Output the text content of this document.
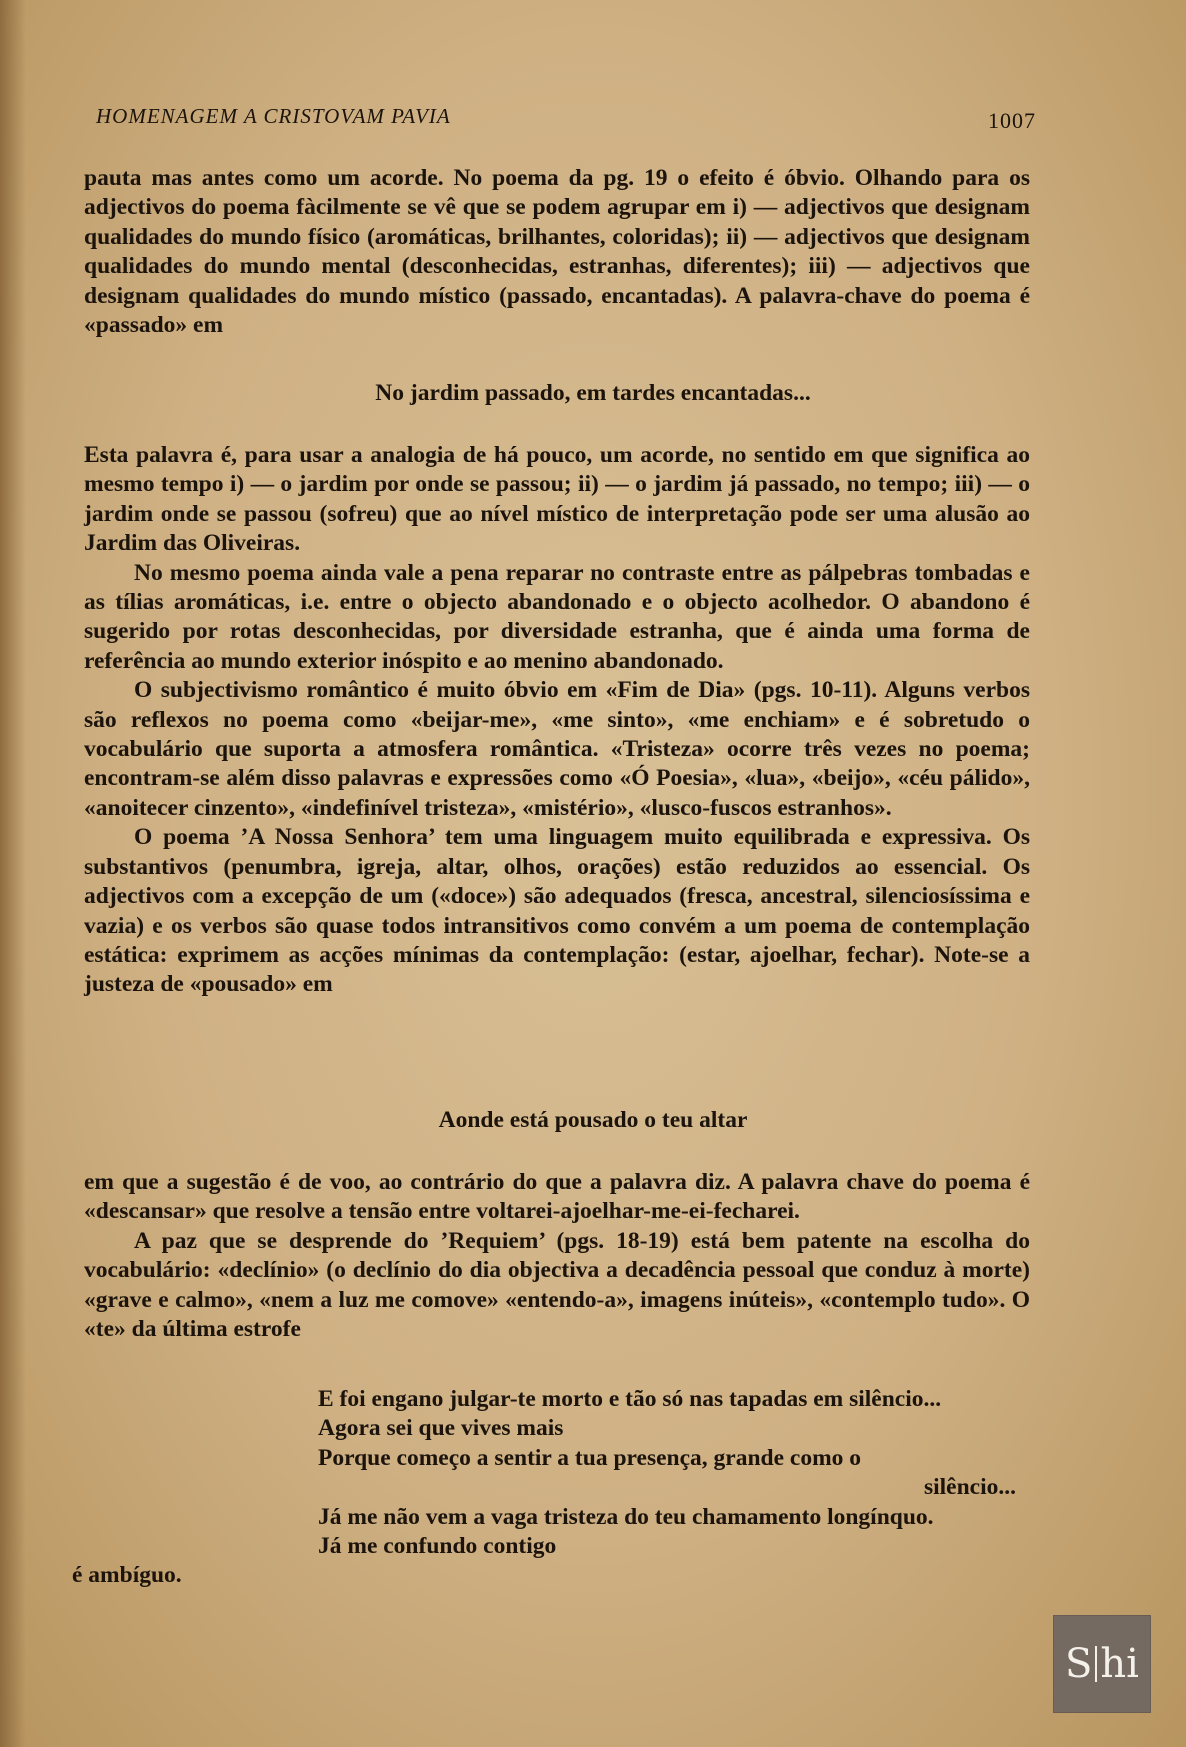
HOMENAGEM A CRISTOVAM PAVIA	1007

pauta mas antes como um acorde. No poema da pg. 19 o efeito é óbvio. Olhando para os adjectivos do poema fàcilmente se vê que se podem agrupar em i) — adjectivos que designam qualidades do mundo físico (aromáticas, brilhantes, coloridas); ii) — adjectivos que designam qualidades do mundo mental (desconhecidas, estranhas, diferentes); iii) — adjectivos que designam qualidades do mundo místico (passado, encantadas). A palavra-chave do poema é «passado» em

No jardim passado, em tardes encantadas...

Esta palavra é, para usar a analogia de há pouco, um acorde, no sentido em que significa ao mesmo tempo i) — o jardim por onde se passou; ii) — o jardim já passado, no tempo; iii) — o jardim onde se passou (sofreu) que ao nível místico de interpretação pode ser uma alusão ao Jardim das Oliveiras.

No mesmo poema ainda vale a pena reparar no contraste entre as pálpebras tombadas e as tílias aromáticas, i.e. entre o objecto abandonado e o objecto acolhedor. O abandono é sugerido por rotas desconhecidas, por diversidade estranha, que é ainda uma forma de referência ao mundo exterior inóspito e ao menino abandonado.

O subjectivismo romântico é muito óbvio em «Fim de Dia» (pgs. 10-11). Alguns verbos são reflexos no poema como «beijar-me», «me sinto», «me enchiam» e é sobretudo o vocabulário que suporta a atmosfera romântica. «Tristeza» ocorre três vezes no poema; encontram-se além disso palavras e expressões como «Ó Poesia», «lua», «beijo», «céu pálido», «anoitecer cinzento», «indefinível tristeza», «mistério», «lusco-fuscos estranhos».

O poema ’A Nossa Senhora’ tem uma linguagem muito equilibrada e expressiva. Os substantivos (penumbra, igreja, altar, olhos, orações) estão reduzidos ao essencial. Os adjectivos com a excepção de um («doce») são adequados (fresca, ancestral, silenciosíssima e vazia) e os verbos são quase todos intransitivos como convém a um poema de contemplação estática: exprimem as acções mínimas da contemplação: (estar, ajoelhar, fechar). Note-se a justeza de «pousado» em

Aonde está pousado o teu altar

em que a sugestão é de voo, ao contrário do que a palavra diz. A palavra chave do poema é «descansar» que resolve a tensão entre voltarei-ajoelhar-me-ei-fecharei.

A paz que se desprende do ’Requiem’ (pgs. 18-19) está bem patente na escolha do vocabulário: «declínio» (o declínio do dia objectiva a decadência pessoal que conduz à morte) «grave e calmo», «nem a luz me comove» «entendo-a», imagens inúteis», «contemplo tudo». O «te» da última estrofe

E foi engano julgar-te morto e tão só nas tapadas em silêncio...
Agora sei que vives mais
Porque começo a sentir a tua presença, grande como o
silêncio...
Já me não vem a vaga tristeza do teu chamamento longínquo.
Já me confundo contigo
é ambíguo.
S hi
